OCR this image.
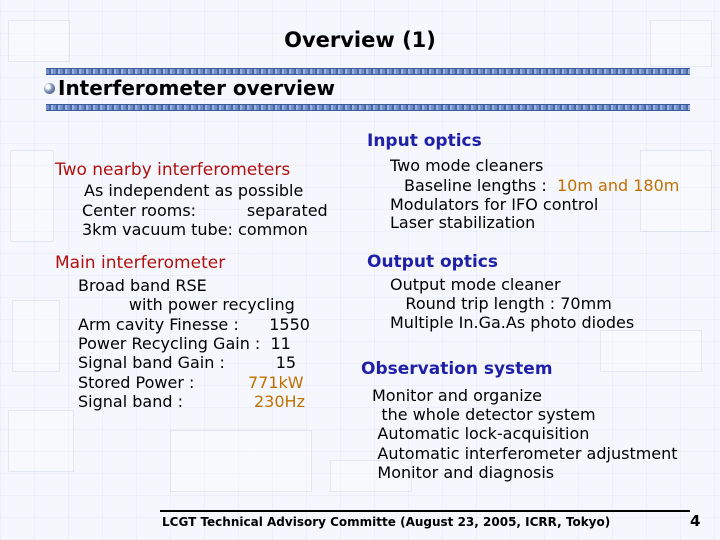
Overview (1)
Interferometer overview
Two nearby interferometers
As independent as possible
Center rooms:          separated
3km vacuum tube: common
Main interferometer
Broad band RSE
with power recycling
Arm cavity Finesse :      1550
Power Recycling Gain :  11
Signal band Gain :          15
Stored Power :	771kW
Signal band :	230Hz
Input optics
Two mode cleaners
Baseline lengths : 10m and 180m
Modulators for IFO control
Laser stabilization
Output optics
Output mode cleaner
Round trip length : 70mm
Multiple In.Ga.As photo diodes
Observation system
Monitor and organize
the whole detector system
Automatic lock-acquisition
Automatic interferometer adjustment
Monitor and diagnosis
LCGT Technical Advisory Committe (August 23, 2005, ICRR, Tokyo)	4
